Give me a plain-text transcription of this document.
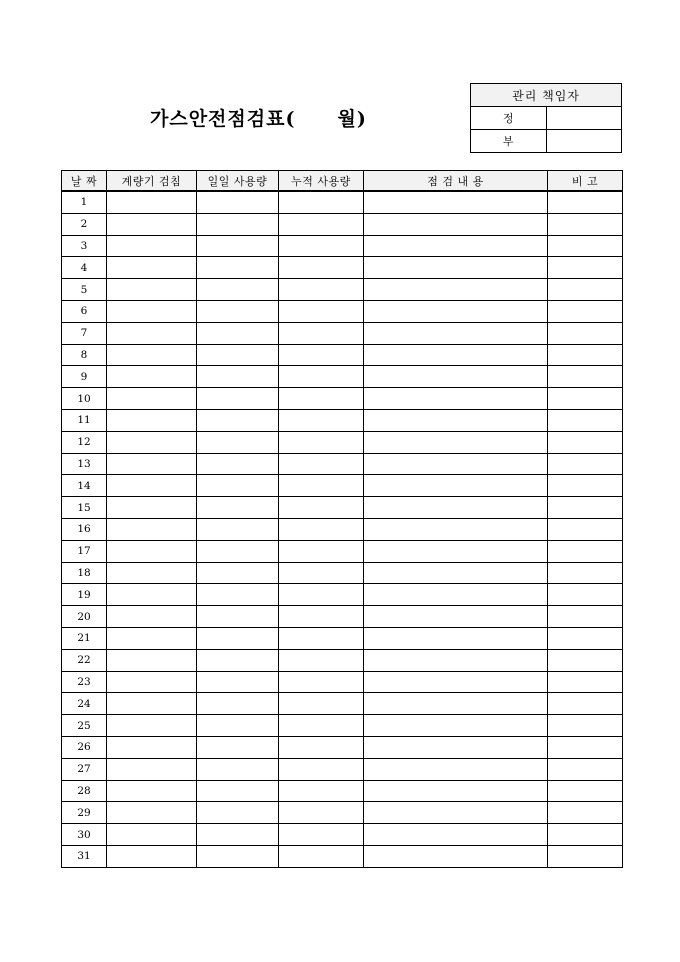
가스안전점검표( 월)
관리 책임자	
정	
부	
날 짜	계량기 검침	일일 사용량	누적 사용량	점 검 내 용	비 고
1					
2					
3					
4					
5					
6					
7					
8					
9					
10					
11					
12					
13					
14					
15					
16					
17					
18					
19					
20					
21					
22					
23					
24					
25					
26					
27					
28					
29					
30					
31					
